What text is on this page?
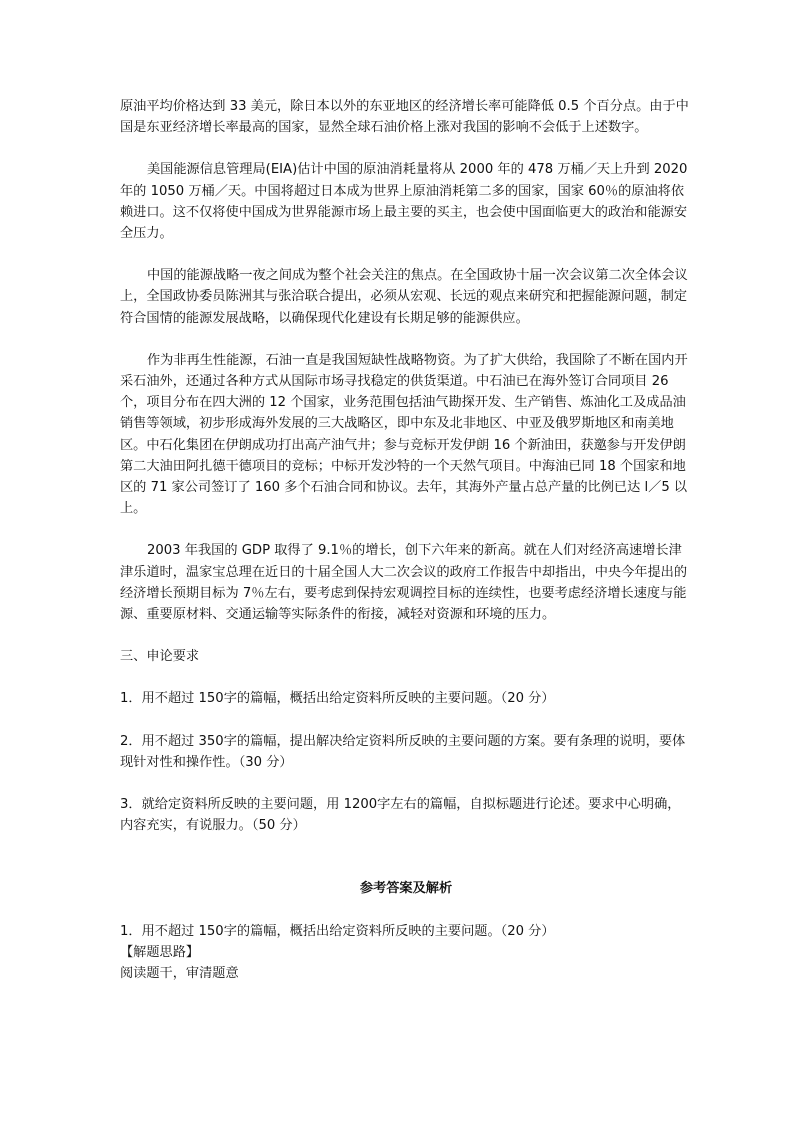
原油平均价格达到 33 美元，除日本以外的东亚地区的经济增长率可能降低 0.5 个百分点。由于中国是东亚经济增长率最高的国家，显然全球石油价格上涨对我国的影响不会低于上述数字。

美国能源信息管理局(EIA)估计中国的原油消耗量将从 2000 年的 478 万桶／天上升到 2020 年的 1050 万桶／天。中国将超过日本成为世界上原油消耗第二多的国家，国家 60％的原油将依赖进口。这不仅将使中国成为世界能源市场上最主要的买主，也会使中国面临更大的政治和能源安全压力。

中国的能源战略一夜之间成为整个社会关注的焦点。在全国政协十届一次会议第二次全体会议上，全国政协委员陈洲其与张洽联合提出，必须从宏观、长远的观点来研究和把握能源问题，制定符合国情的能源发展战略，以确保现代化建设有长期足够的能源供应。

作为非再生性能源，石油一直是我国短缺性战略物资。为了扩大供给，我国除了不断在国内开采石油外，还通过各种方式从国际市场寻找稳定的供货渠道。中石油已在海外签订合同项目 26 个，项目分布在四大洲的 12 个国家，业务范围包括油气勘探开发、生产销售、炼油化工及成品油销售等领域，初步形成海外发展的三大战略区，即中东及北非地区、中亚及俄罗斯地区和南美地区。中石化集团在伊朗成功打出高产油气井；参与竞标开发伊朗 16 个新油田，获邀参与开发伊朗第二大油田阿扎德干德项目的竞标；中标开发沙特的一个天然气项目。中海油已同 18 个国家和地区的 71 家公司签订了 160 多个石油合同和协议。去年，其海外产量占总产量的比例已达 l／5 以上。

2003 年我国的 GDP 取得了 9.1％的增长，创下六年来的新高。就在人们对经济高速增长津津乐道时，温家宝总理在近日的十届全国人大二次会议的政府工作报告中却指出，中央今年提出的经济增长预期目标为 7％左右，要考虑到保持宏观调控目标的连续性，也要考虑经济增长速度与能源、重要原材料、交通运输等实际条件的衔接，减轻对资源和环境的压力。

三、申论要求

1．用不超过 150字的篇幅，概括出给定资料所反映的主要问题。（20 分）

2．用不超过 350字的篇幅，提出解决给定资料所反映的主要问题的方案。要有条理的说明，要体现针对性和操作性。（30 分）

3．就给定资料所反映的主要问题，用 1200字左右的篇幅，自拟标题进行论述。要求中心明确，内容充实，有说服力。（50 分）

参考答案及解析

1．用不超过 150字的篇幅，概括出给定资料所反映的主要问题。（20 分）

【解题思路】

阅读题干，审清题意
